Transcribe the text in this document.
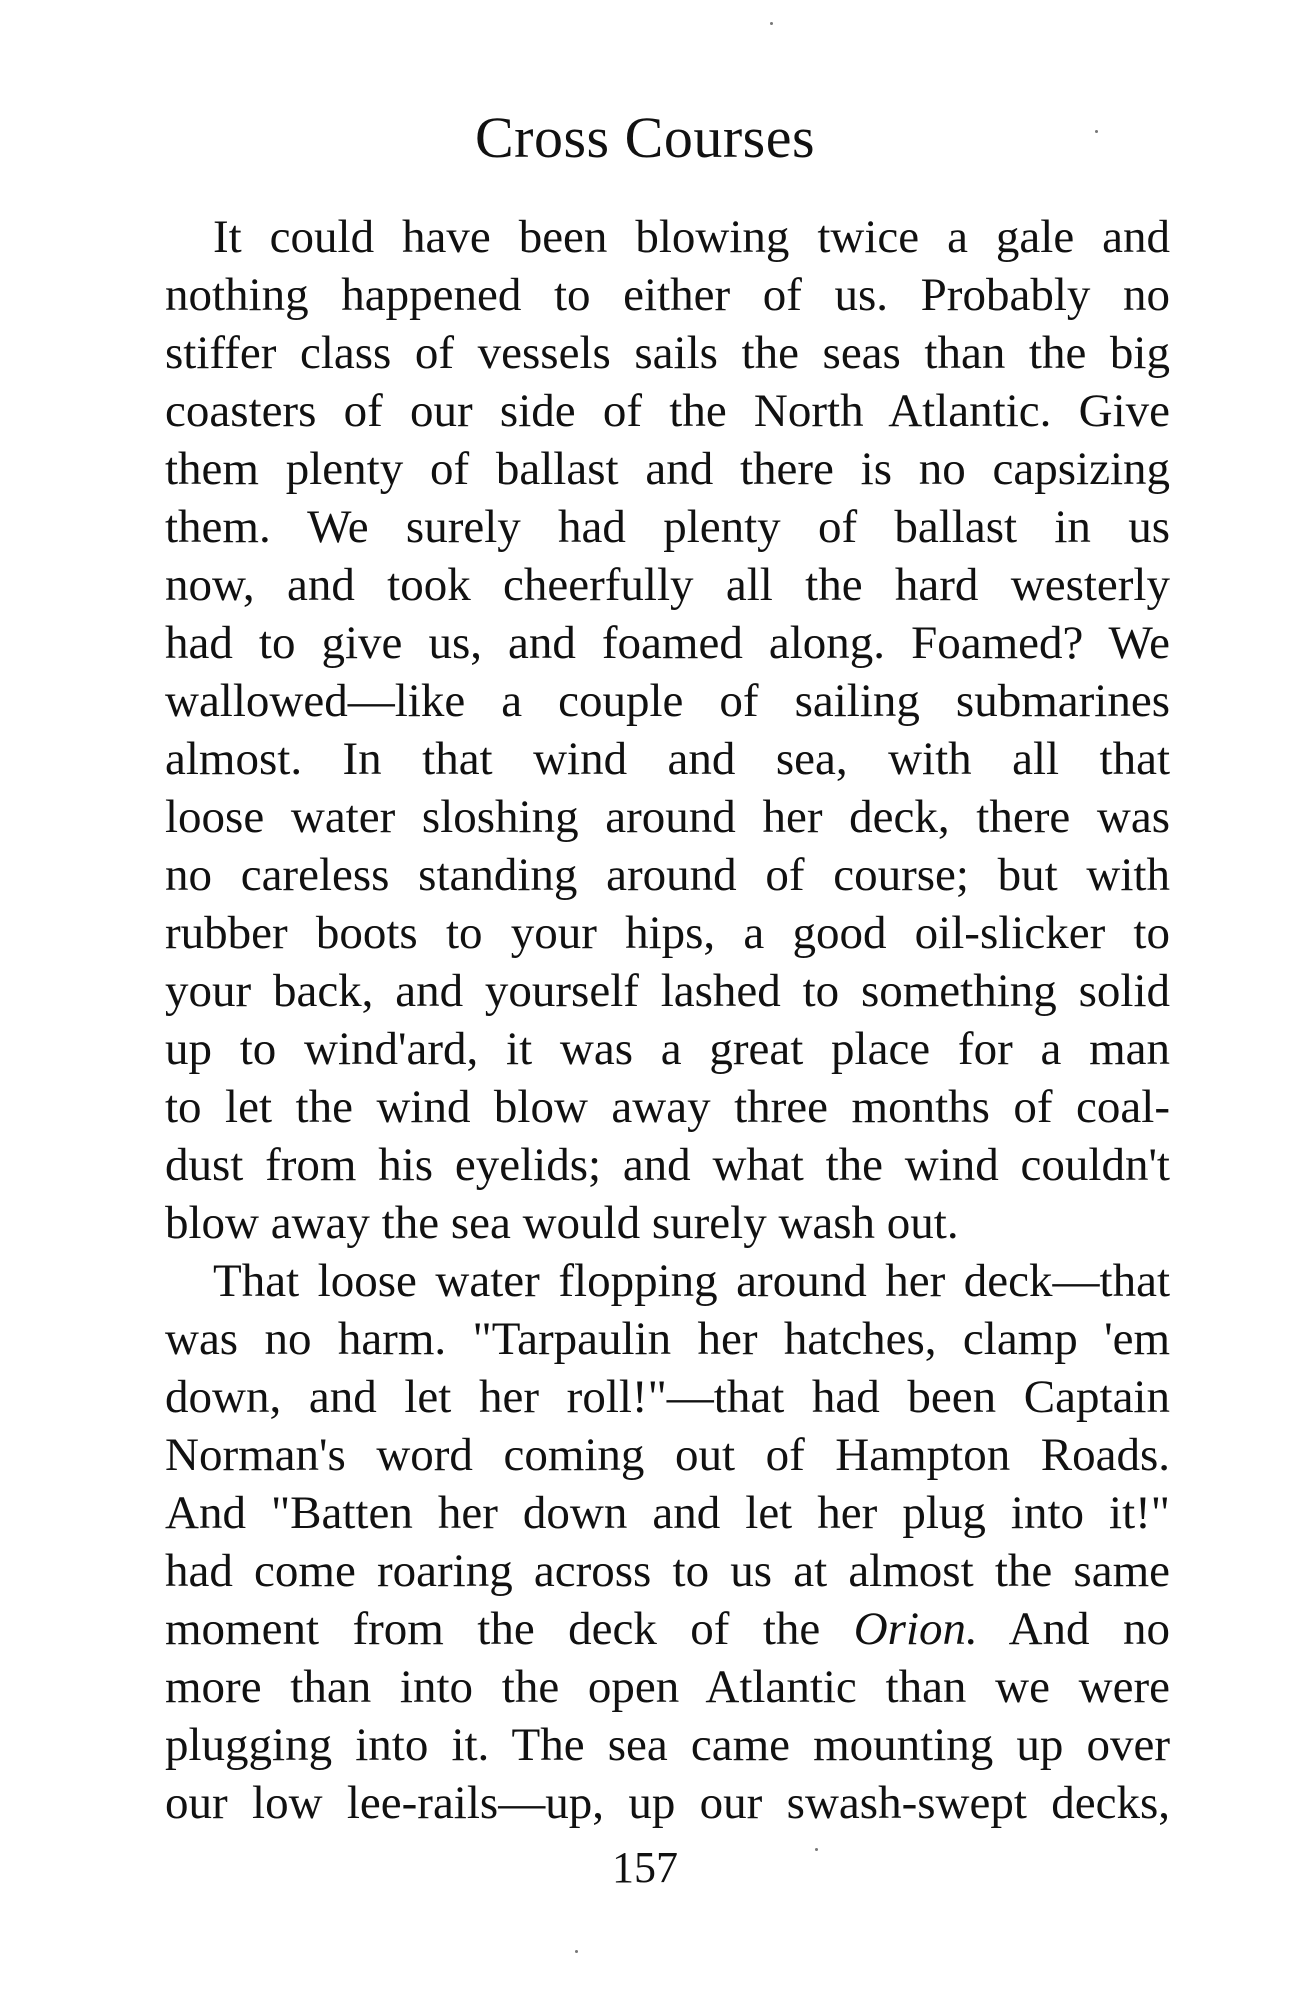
Cross Courses
It could have been blowing twice a gale and
nothing happened to either of us. Probably no
stiffer class of vessels sails the seas than the big
coasters of our side of the North Atlantic. Give
them plenty of ballast and there is no capsizing
them. We surely had plenty of ballast in us
now, and took cheerfully all the hard westerly
had to give us, and foamed along. Foamed? We
wallowed—like a couple of sailing submarines
almost. In that wind and sea, with all that
loose water sloshing around her deck, there was
no careless standing around of course; but with
rubber boots to your hips, a good oil-slicker to
your back, and yourself lashed to something solid
up to wind'ard, it was a great place for a man
to let the wind blow away three months of coal-
dust from his eyelids; and what the wind couldn't
blow away the sea would surely wash out.
That loose water flopping around her deck—that
was no harm. "Tarpaulin her hatches, clamp 'em
down, and let her roll!"—that had been Captain
Norman's word coming out of Hampton Roads.
And "Batten her down and let her plug into it!"
had come roaring across to us at almost the same
moment from the deck of the Orion. And no
more than into the open Atlantic than we were
plugging into it. The sea came mounting up over
our low lee-rails—up, up our swash-swept decks,
157
